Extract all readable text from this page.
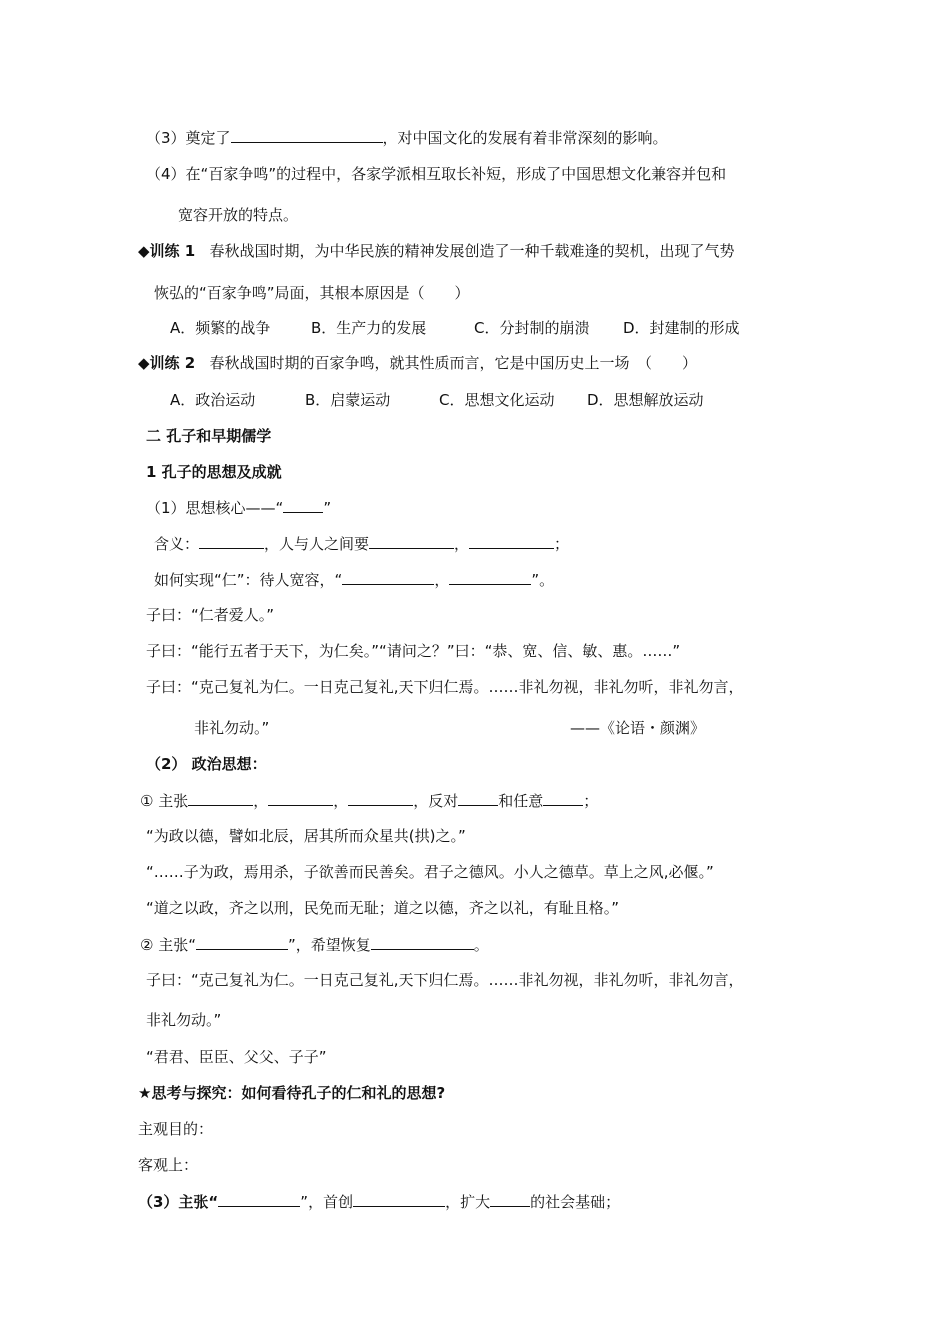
（3）奠定了	，对中国文化的发展有着非常深刻的影响。
（4）在“百家争鸣”的过程中，各家学派相互取长补短，形成了中国思想文化兼容并包和
宽容开放的特点。
◆训练 1 春秋战国时期，为中华民族的精神发展创造了一种千载难逢的契机，出现了气势
恢弘的“百家争鸣”局面，其根本原因是（　　）
A．频繁的战争	B．生产力的发展	C．分封制的崩溃 D．封建制的形成
◆训练 2 春秋战国时期的百家争鸣，就其性质而言，它是中国历史上一场　（　　）
A．政治运动	B．启蒙运动	C．思想文化运动 D．思想解放运动
二 孔子和早期儒学
1 孔子的思想及成就
（1）思想核心——“	”
含义：	，人与人之间要	，	；
如何实现“仁”：待人宽容，“	，	”。
子曰：“仁者爱人。”
子曰：“能行五者于天下，为仁矣。”“请问之？”曰：“恭、宽、信、敏、惠。……”
子曰：“克己复礼为仁。一日克己复礼,天下归仁焉。……非礼勿视，非礼勿听，非礼勿言，
非礼勿动。”	——《论语・颜渊》
（2） 政治思想：
① 主张	，	，	，反对	和任意	；
“为政以德，譬如北辰，居其所而众星共(拱)之。”
“……子为政，焉用杀，子欲善而民善矣。君子之德风。小人之德草。草上之风,必偃。”
“道之以政，齐之以刑，民免而无耻；道之以德，齐之以礼，有耻且格。”
② 主张“	”，希望恢复	。
子曰：“克己复礼为仁。一日克己复礼,天下归仁焉。……非礼勿视，非礼勿听，非礼勿言，
非礼勿动。”
“君君、臣臣、父父、子子”
★思考与探究：如何看待孔子的仁和礼的思想?
主观目的：
客观上：
（3）主张“	”，首创	，扩大	的社会基础；
